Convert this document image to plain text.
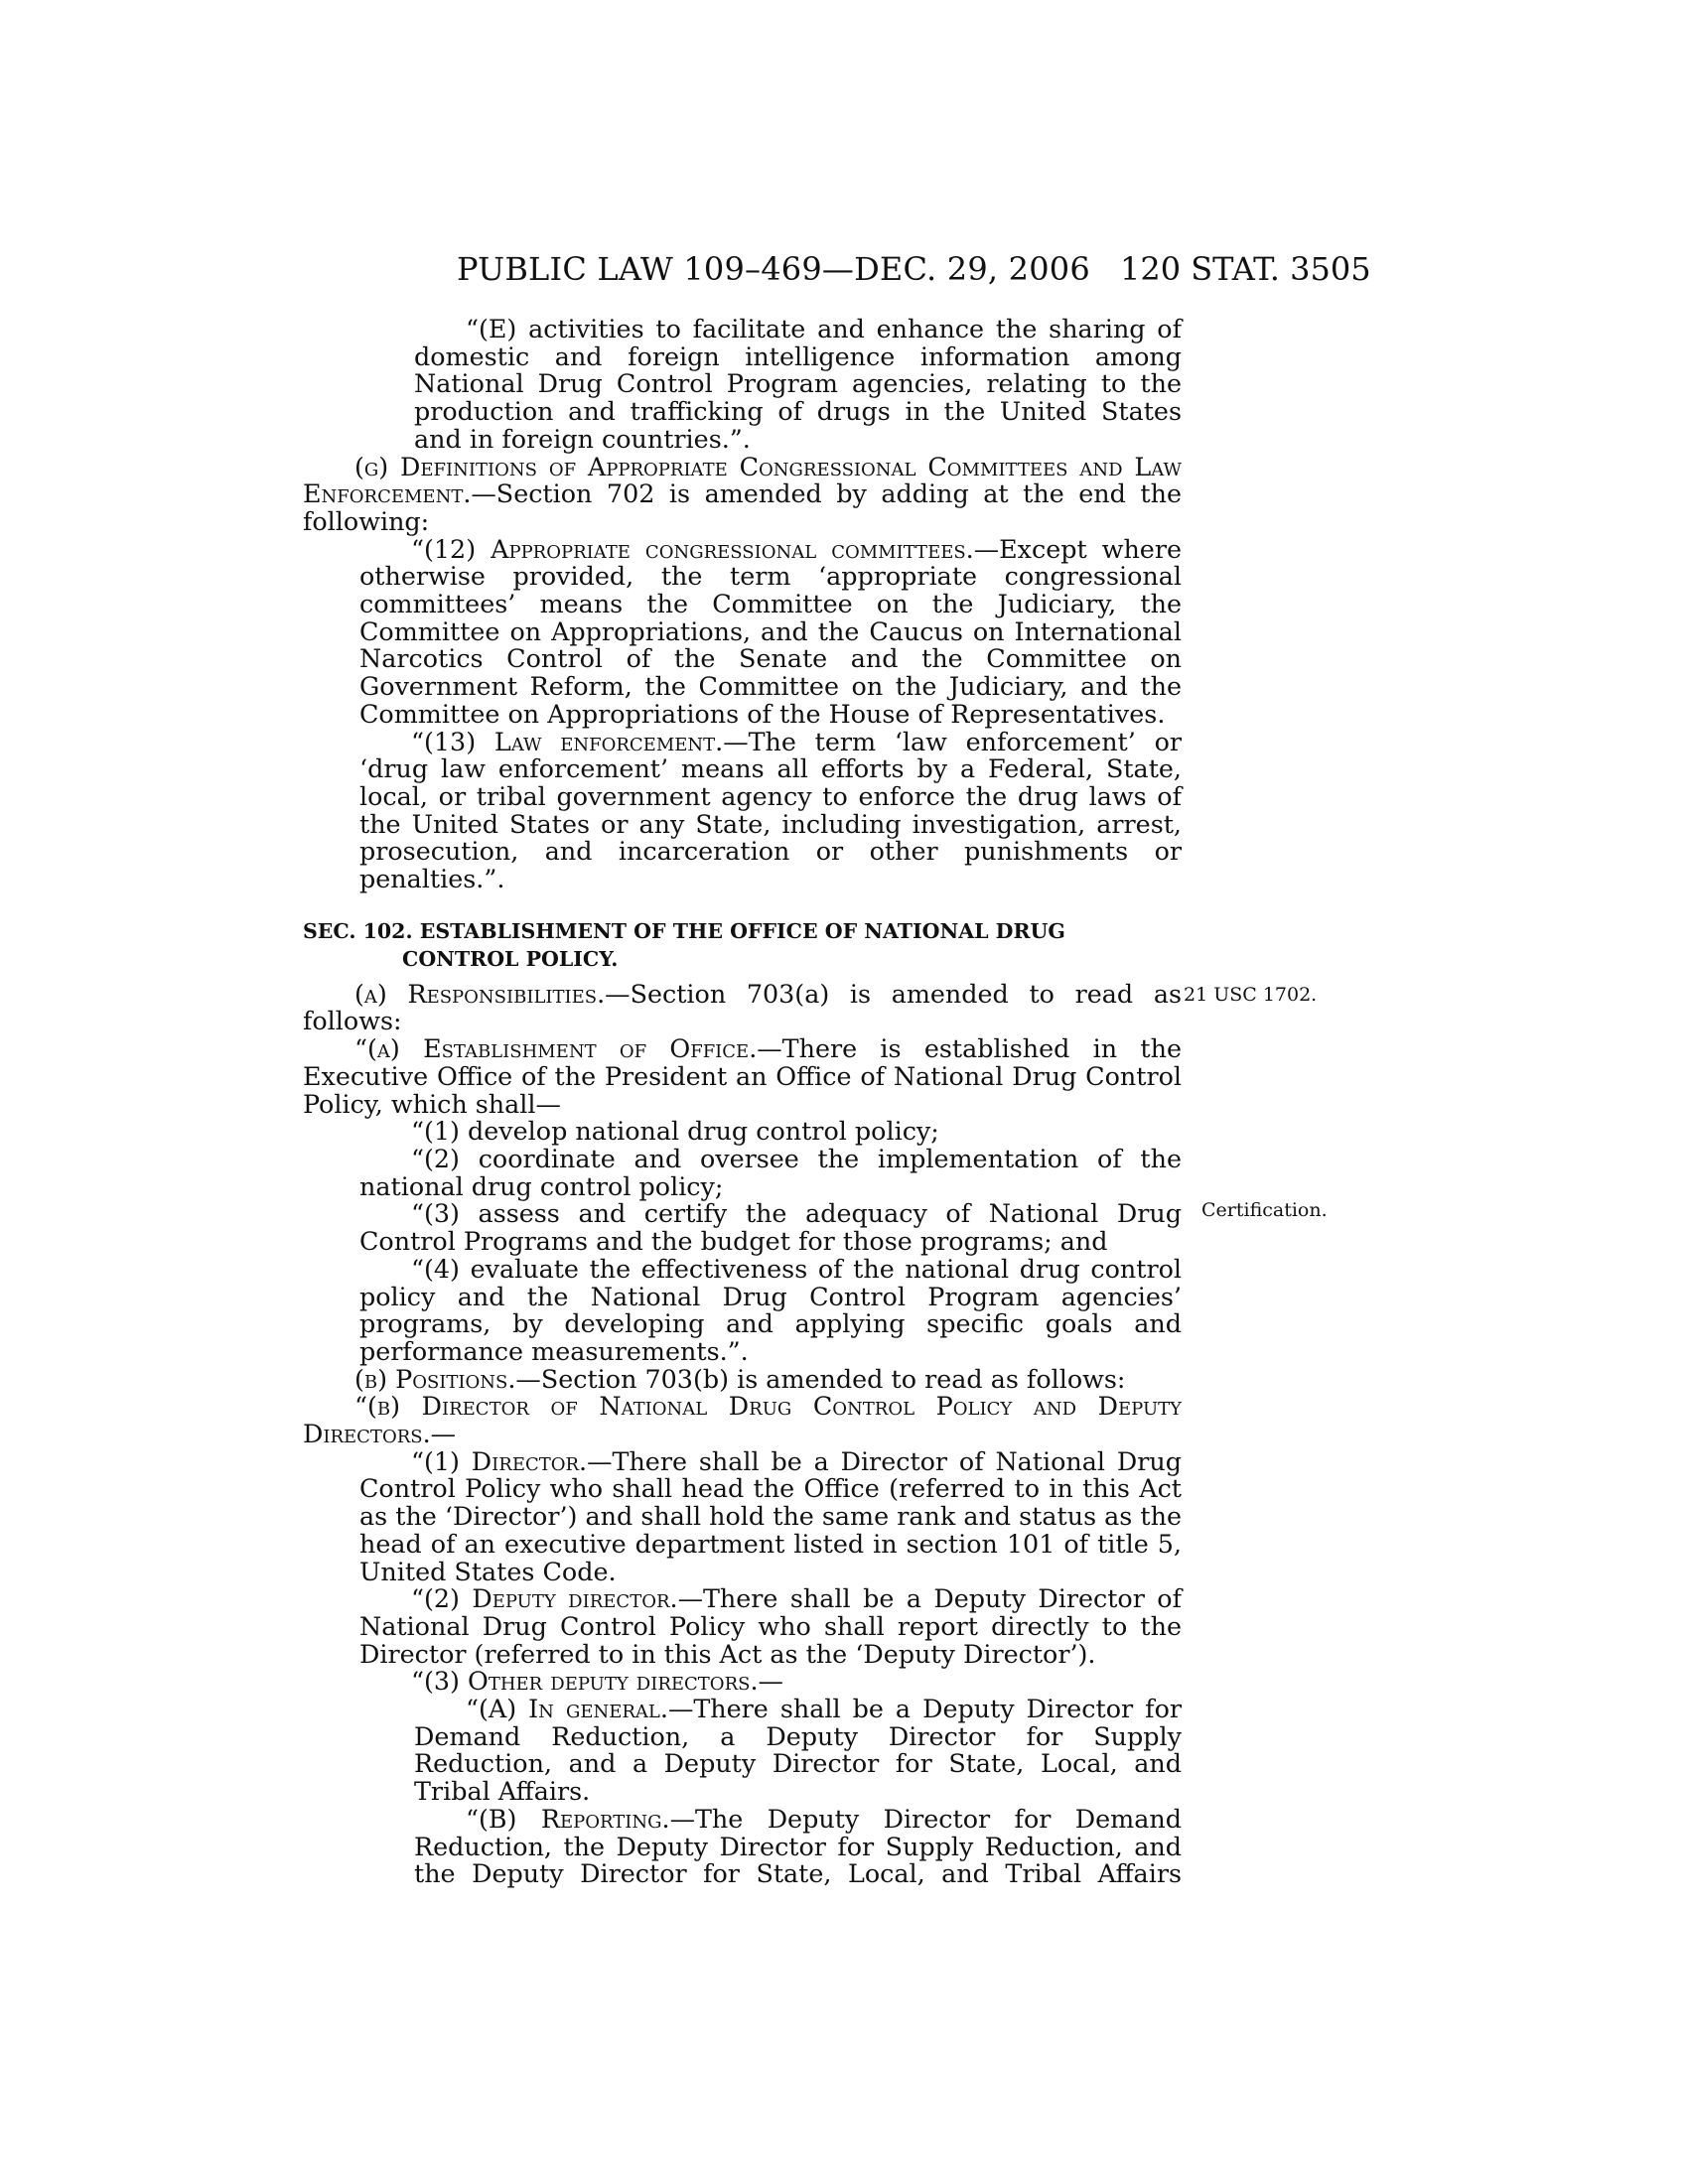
PUBLIC LAW 109–469—DEC. 29, 2006 120 STAT. 3505
21 USC 1702.
Certification.

“(E) activities to facilitate and enhance the sharing of domestic and foreign intelligence information among National Drug Control Program agencies, relating to the production and trafficking of drugs in the United States and in foreign countries.”.

(g) Definitions of Appropriate Congressional Committees and Law Enforcement.—Section 702 is amended by adding at the end the following:

“(12) Appropriate congressional committees.—Except where otherwise provided, the term ‘appropriate congressional committees’ means the Committee on the Judiciary, the Committee on Appropriations, and the Caucus on International Narcotics Control of the Senate and the Committee on Government Reform, the Committee on the Judiciary, and the Committee on Appropriations of the House of Representatives.

“(13) Law enforcement.—The term ‘law enforcement’ or ‘drug law enforcement’ means all efforts by a Federal, State, local, or tribal government agency to enforce the drug laws of the United States or any State, including investigation, arrest, prosecution, and incarceration or other punishments or penalties.”.

SEC. 102. ESTABLISHMENT OF THE OFFICE OF NATIONAL DRUG CONTROL POLICY.

(a) Responsibilities.—Section 703(a) is amended to read as follows:

“(a) Establishment of Office.—There is established in the Executive Office of the President an Office of National Drug Control Policy, which shall—

“(1) develop national drug control policy;

“(2) coordinate and oversee the implementation of the national drug control policy;

“(3) assess and certify the adequacy of National Drug Control Programs and the budget for those programs; and

“(4) evaluate the effectiveness of the national drug control policy and the National Drug Control Program agencies’ programs, by developing and applying specific goals and performance measurements.”.

(b) Positions.—Section 703(b) is amended to read as follows:

“(b) Director of National Drug Control Policy and Deputy Directors.—

“(1) Director.—There shall be a Director of National Drug Control Policy who shall head the Office (referred to in this Act as the ‘Director’) and shall hold the same rank and status as the head of an executive department listed in section 101 of title 5, United States Code.

“(2) Deputy director.—There shall be a Deputy Director of National Drug Control Policy who shall report directly to the Director (referred to in this Act as the ‘Deputy Director’).

“(3) Other deputy directors.—

“(A) In general.—There shall be a Deputy Director for Demand Reduction, a Deputy Director for Supply Reduction, and a Deputy Director for State, Local, and Tribal Affairs.

“(B) Reporting.—The Deputy Director for Demand Reduction, the Deputy Director for Supply Reduction, and the Deputy Director for State, Local, and Tribal Affairs
